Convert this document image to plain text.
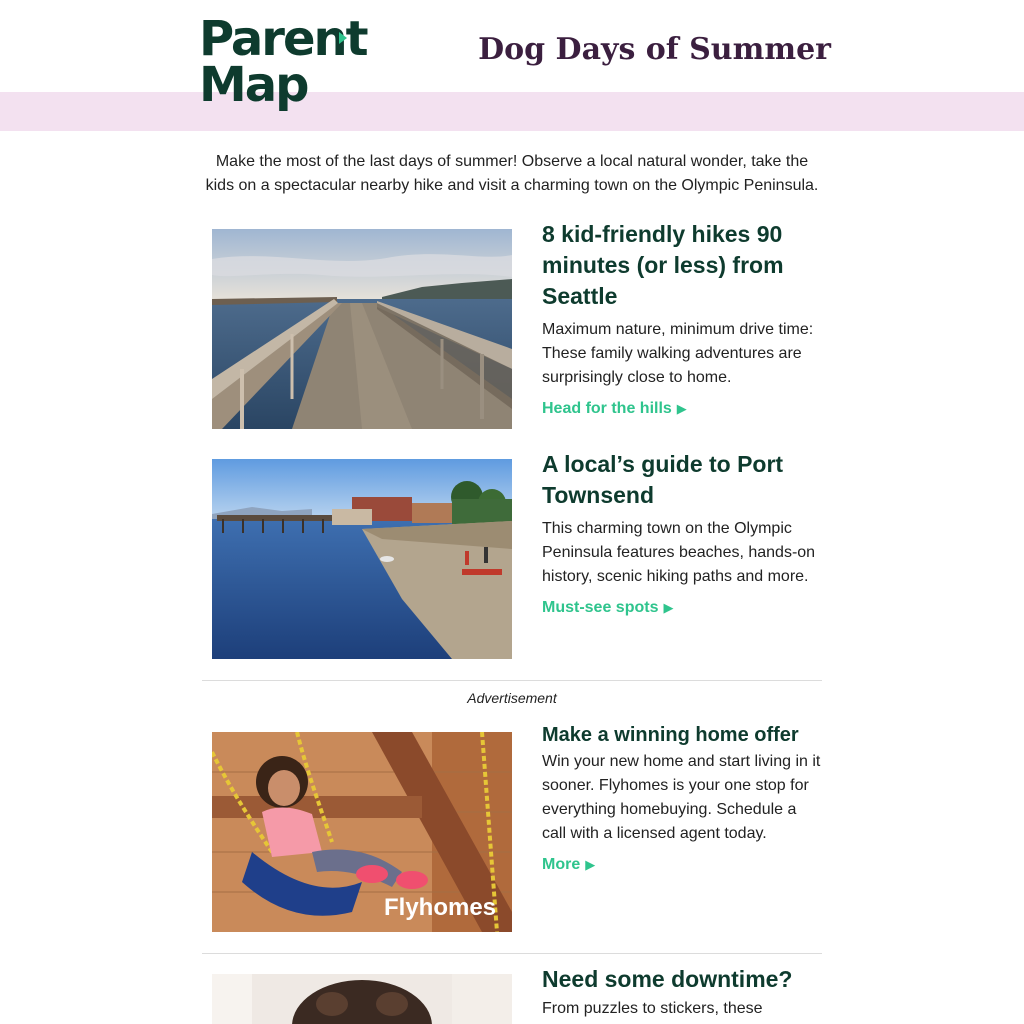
Parent
Map
Dog Days of Summer

Make the most of the last days of summer! Observe a local natural wonder, take the kids on a spectacular nearby hike and visit a charming town on the Olympic Peninsula.

8 kid-friendly hikes 90 minutes (or less) from Seattle

Maximum nature, minimum drive time: These family walking adventures are surprisingly close to home.

Head for the hills ▶
A local’s guide to Port Townsend

This charming town on the Olympic Peninsula features beaches, hands-on history, scenic hiking paths and more.

Must-see spots ▶
Advertisement
Flyhomes
Make a winning home offer

Win your new home and start living in it sooner. Flyhomes is your one stop for everything homebuying. Schedule a call with a licensed agent today.

More ▶
Need some downtime?

From puzzles to stickers, these
